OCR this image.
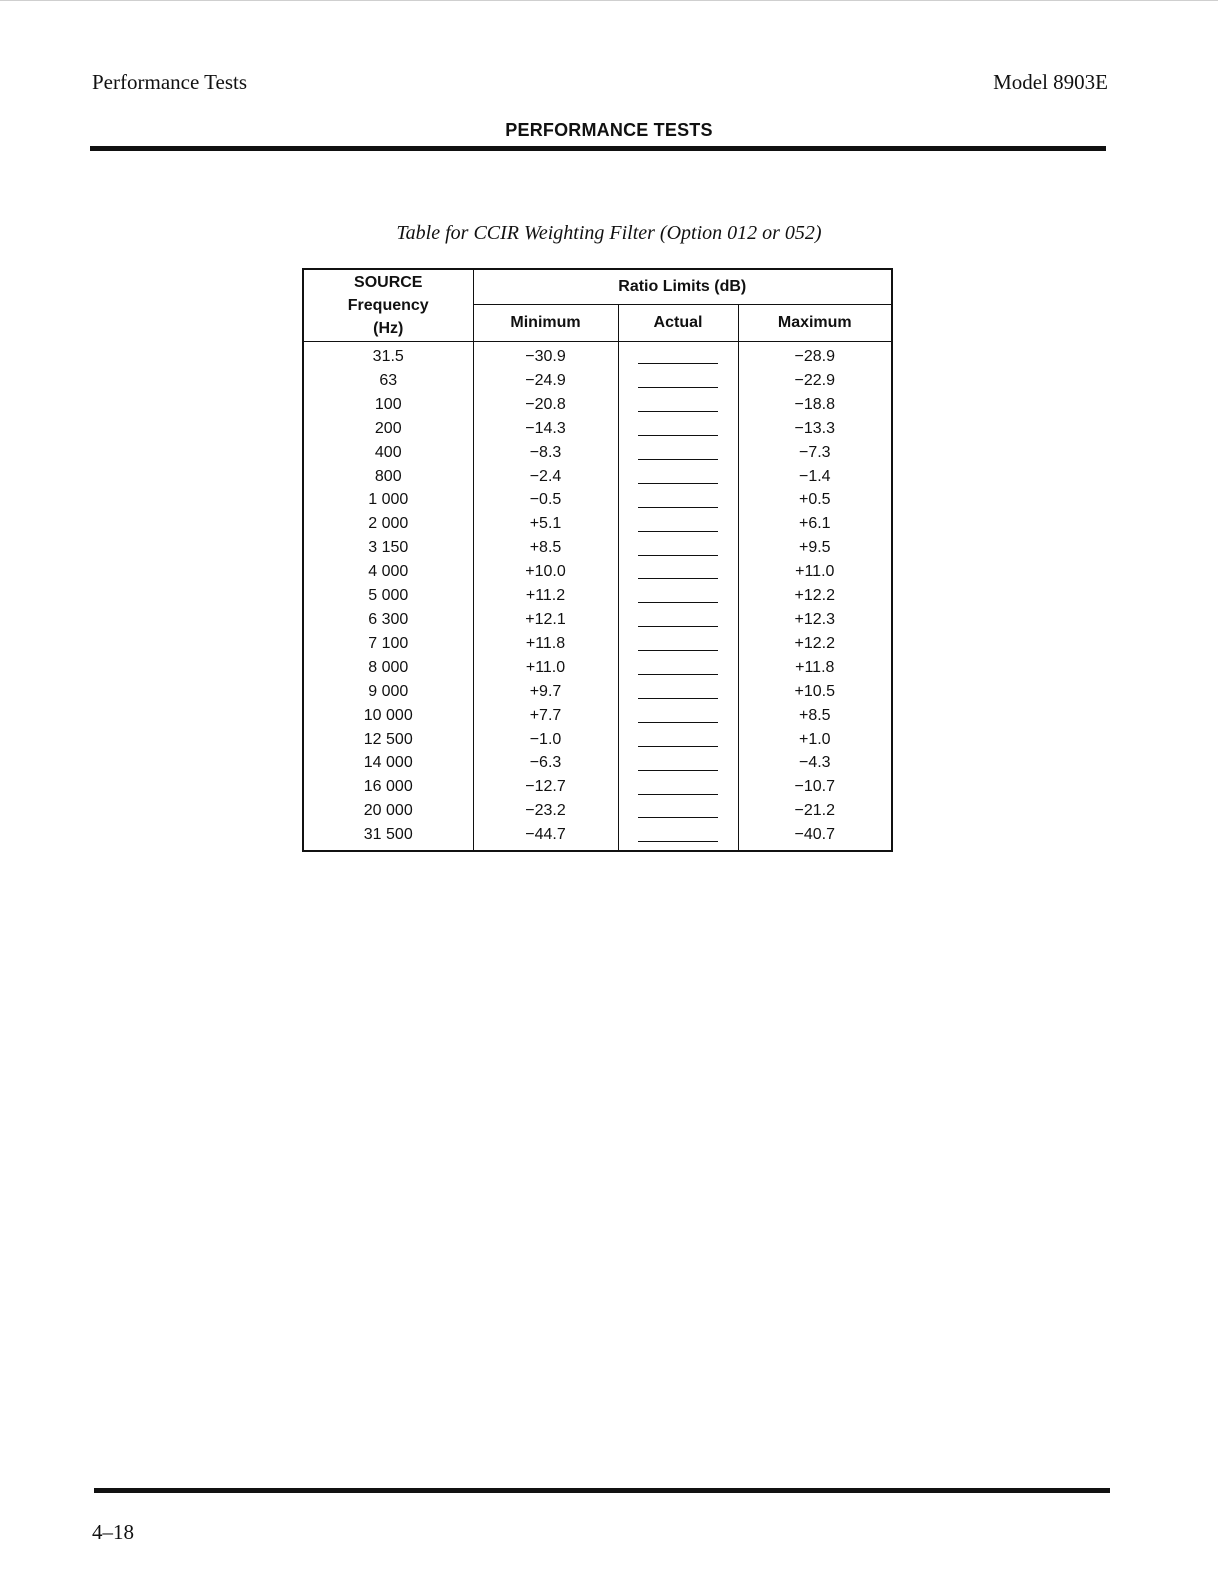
Performance Tests	Model 8903E
PERFORMANCE TESTS
Table for CCIR Weighting Filter (Option 012 or 052)
SOURCE
Frequency
(Hz)	Ratio Limits (dB)		
	Minimum	Actual	Maximum
31.5	−30.9		−28.9
63	−24.9		−22.9
100	−20.8		−18.8
200	−14.3		−13.3
400	−8.3		−7.3
800	−2.4		−1.4
1 000	−0.5		+0.5
2 000	+5.1		+6.1
3 150	+8.5		+9.5
4 000	+10.0		+11.0
5 000	+11.2		+12.2
6 300	+12.1		+12.3
7 100	+11.8		+12.2
8 000	+11.0		+11.8
9 000	+9.7		+10.5
10 000	+7.7		+8.5
12 500	−1.0		+1.0
14 000	−6.3		−4.3
16 000	−12.7		−10.7
20 000	−23.2		−21.2
31 500	−44.7		−40.7
4–18
